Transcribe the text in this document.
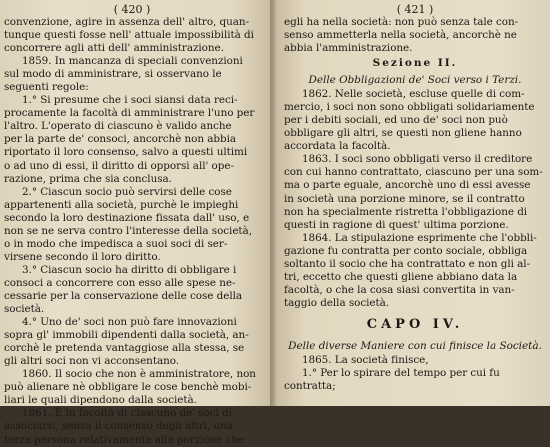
( 420 )
convenzione, agire in assenza dell' altro, quan-
tunque questi fosse nell' attuale impossibilità di
concorrere agli atti dell' amministrazione.
1859. In mancanza di speciali convenzioni
sul modo di amministrare, si osservano le
seguenti regole:
1.° Si presume che i soci siansi data reci-
procamente la facoltà di amministrare l'uno per
l'altro. L'operato di ciascuno è valido anche
per la parte de' consoci, ancorchè non abbia
riportato il loro consenso, salvo a questi ultimi
o ad uno di essi, il diritto di opporsi all' ope-
razione, prima che sia conclusa.
2.° Ciascun socio può servirsi delle cose
appartenenti alla società, purchè le impieghi
secondo la loro destinazione fissata dall' uso, e
non se ne serva contro l'interesse della società,
o in modo che impedisca a suoi soci di ser-
virsene secondo il loro diritto.
3.° Ciascun socio ha diritto di obbligare i
consoci a concorrere con esso alle spese ne-
cessarie per la conservazione delle cose della
società.
4.° Uno de' soci non può fare innovazioni
sopra gl' immobili dipendenti dalla società, an-
corchè le pretenda vantaggiose alla stessa, se
gli altri soci non vi acconsentano.
1860. Il socio che non è amministratore, non
può alienare nè obbligare le cose benchè mobi-
liari le quali dipendono dalla società.
1861. È in facoltà di ciascuno de' soci di
associarsi, senza il consenso degli altri, una
terza persona relativamente alla porzione che
( 421 )
egli ha nella società: non può senza tale con-
senso ammetterla nella società, ancorchè ne
abbia l'amministrazione.
Sezione II.
Delle Obbligazioni de' Soci verso i Terzi.
1862. Nelle società, escluse quelle di com-
mercio, i soci non sono obbligati solidariamente
per i debiti sociali, ed uno de' soci non può
obbligare gli altri, se questi non gliene hanno
accordata la facoltà.
1863. I soci sono obbligati verso il creditore
con cui hanno contrattato, ciascuno per una som-
ma o parte eguale, ancorchè uno di essi avesse
in società una porzione minore, se il contratto
non ha specialmente ristretta l'obbligazione di
questi in ragione di quest' ultima porzione.
1864. La stipulazione esprimente che l'obbli-
gazione fu contratta per conto sociale, obbliga
soltanto il socio che ha contrattato e non gli al-
tri, eccetto che questi gliene abbiano data la
facoltà, o che la cosa siasi convertita in van-
taggio della società.
CAPO IV.
Delle diverse Maniere con cui finisce la Società.
1865. La società finisce,
1.° Per lo spirare del tempo per cui fu
contratta;
